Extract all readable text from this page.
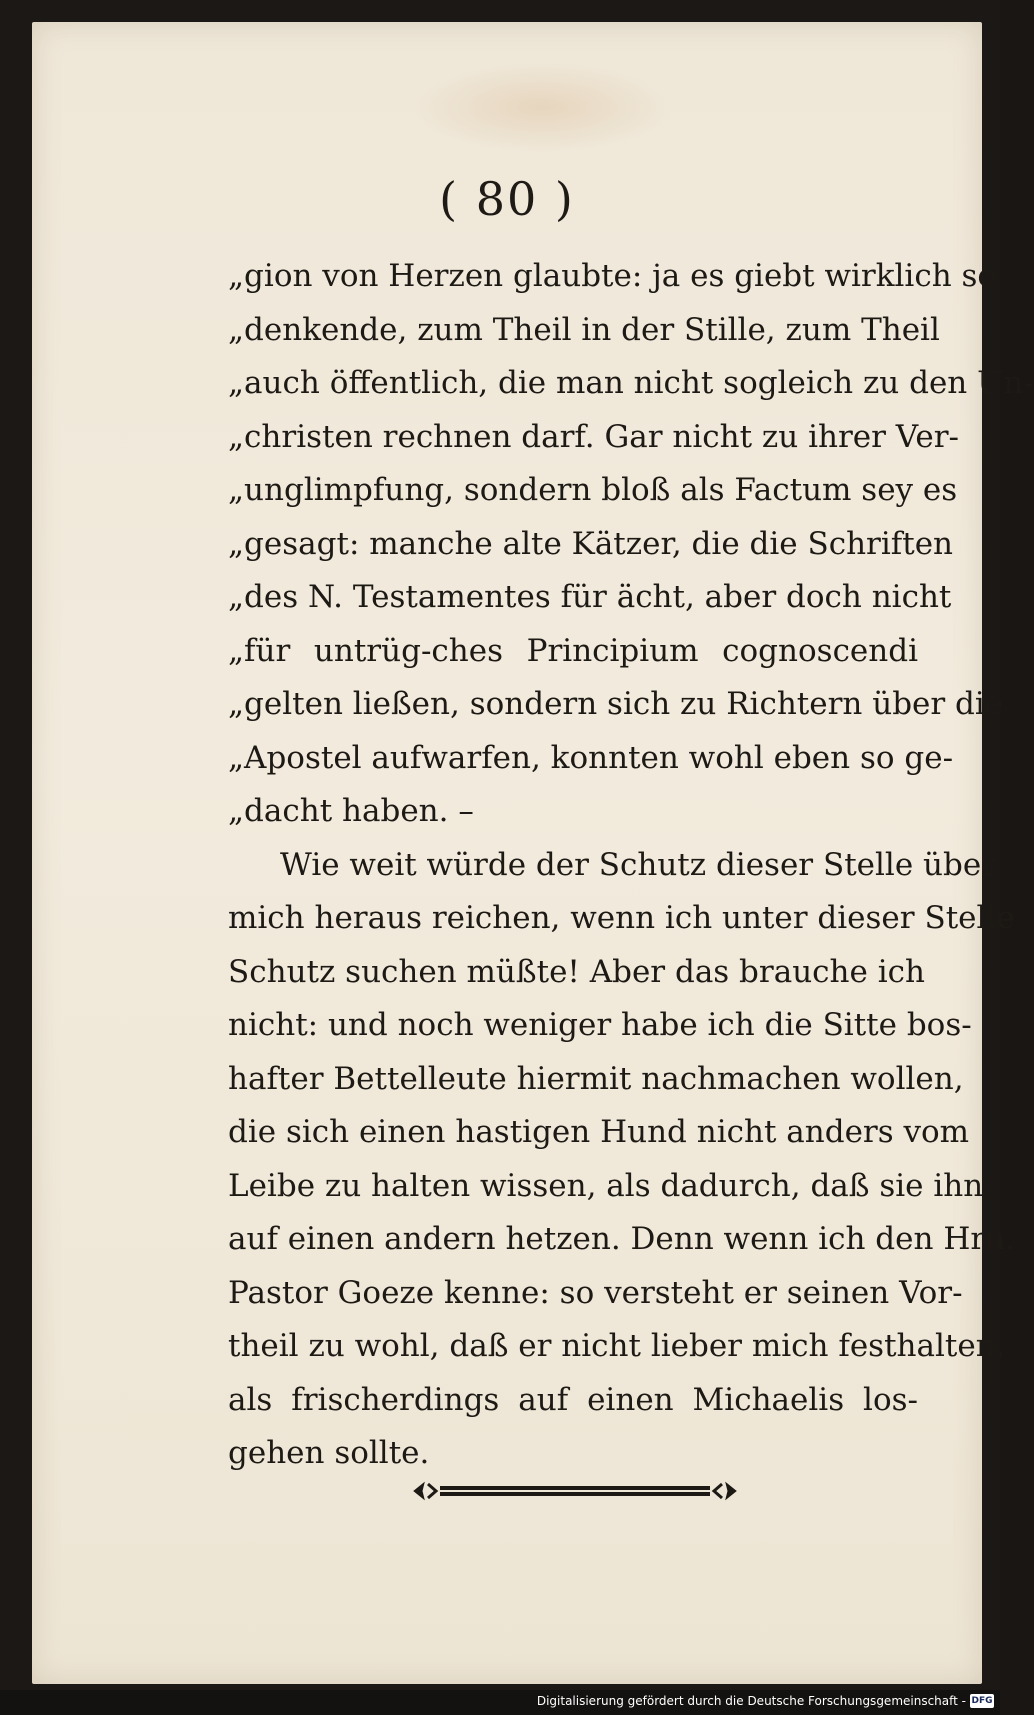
( 80 )
„gion von Herzen glaubte: ja es giebt wirklich so
„denkende, zum Theil in der Stille, zum Theil
„auch öffentlich, die man nicht sogleich zu den Un-
„christen rechnen darf. Gar nicht zu ihrer Ver-
„unglimpfung, sondern bloß als Factum sey es
„gesagt: manche alte Kätzer, die die Schriften
„des N. Testamentes für ächt, aber doch nicht
„für untrüg-ches Principium cognoscendi
„gelten ließen, sondern sich zu Richtern über die
„Apostel aufwarfen, konnten wohl eben so ge-
„dacht haben. –
Wie weit würde der Schutz dieser Stelle über
mich heraus reichen, wenn ich unter dieser Stelle
Schutz suchen müßte! Aber das brauche ich
nicht: und noch weniger habe ich die Sitte bos-
hafter Bettelleute hiermit nachmachen wollen,
die sich einen hastigen Hund nicht anders vom
Leibe zu halten wissen, als dadurch, daß sie ihn
auf einen andern hetzen. Denn wenn ich den Hrn.
Pastor Goeze kenne: so versteht er seinen Vor-
theil zu wohl, daß er nicht lieber mich festhalten,
als frischerdings auf einen Michaelis los-
gehen sollte.
Digitalisierung gefördert durch die Deutsche Forschungsgemeinschaft - DFG
